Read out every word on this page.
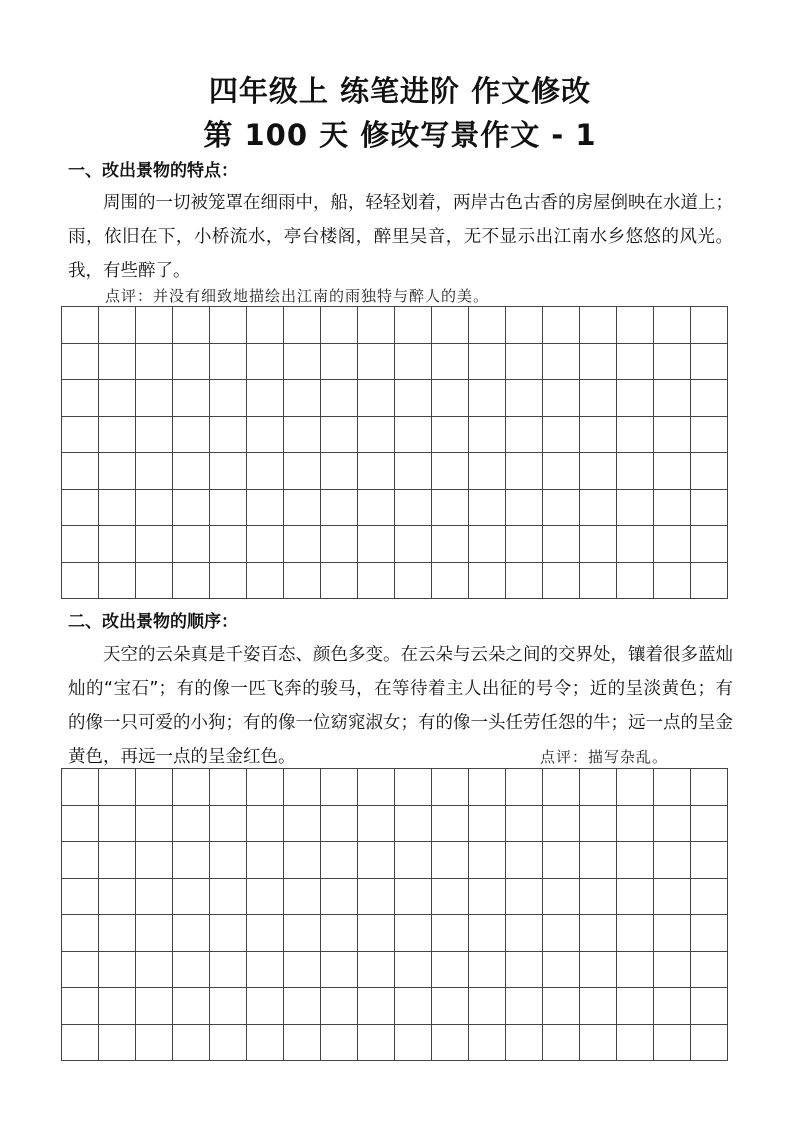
四年级上 练笔进阶 作文修改
第 100 天 修改写景作文 - 1
一、改出景物的特点：

周围的一切被笼罩在细雨中，船，轻轻划着，两岸古色古香的房屋倒映在水道上；雨，依旧在下，小桥流水，亭台楼阁，醉里吴音，无不显示出江南水乡悠悠的风光。我，有些醉了。

点评：并没有细致地描绘出江南的雨独特与醉人的美。

二、改出景物的顺序：

天空的云朵真是千姿百态、颜色多变。在云朵与云朵之间的交界处，镶着很多蓝灿灿的“宝石”；有的像一匹飞奔的骏马，在等待着主人出征的号令；近的呈淡黄色；有的像一只可爱的小狗；有的像一位窈窕淑女；有的像一头任劳任怨的牛；远一点的呈金黄色，再远一点的呈金红色。	点评：描写杂乱。
